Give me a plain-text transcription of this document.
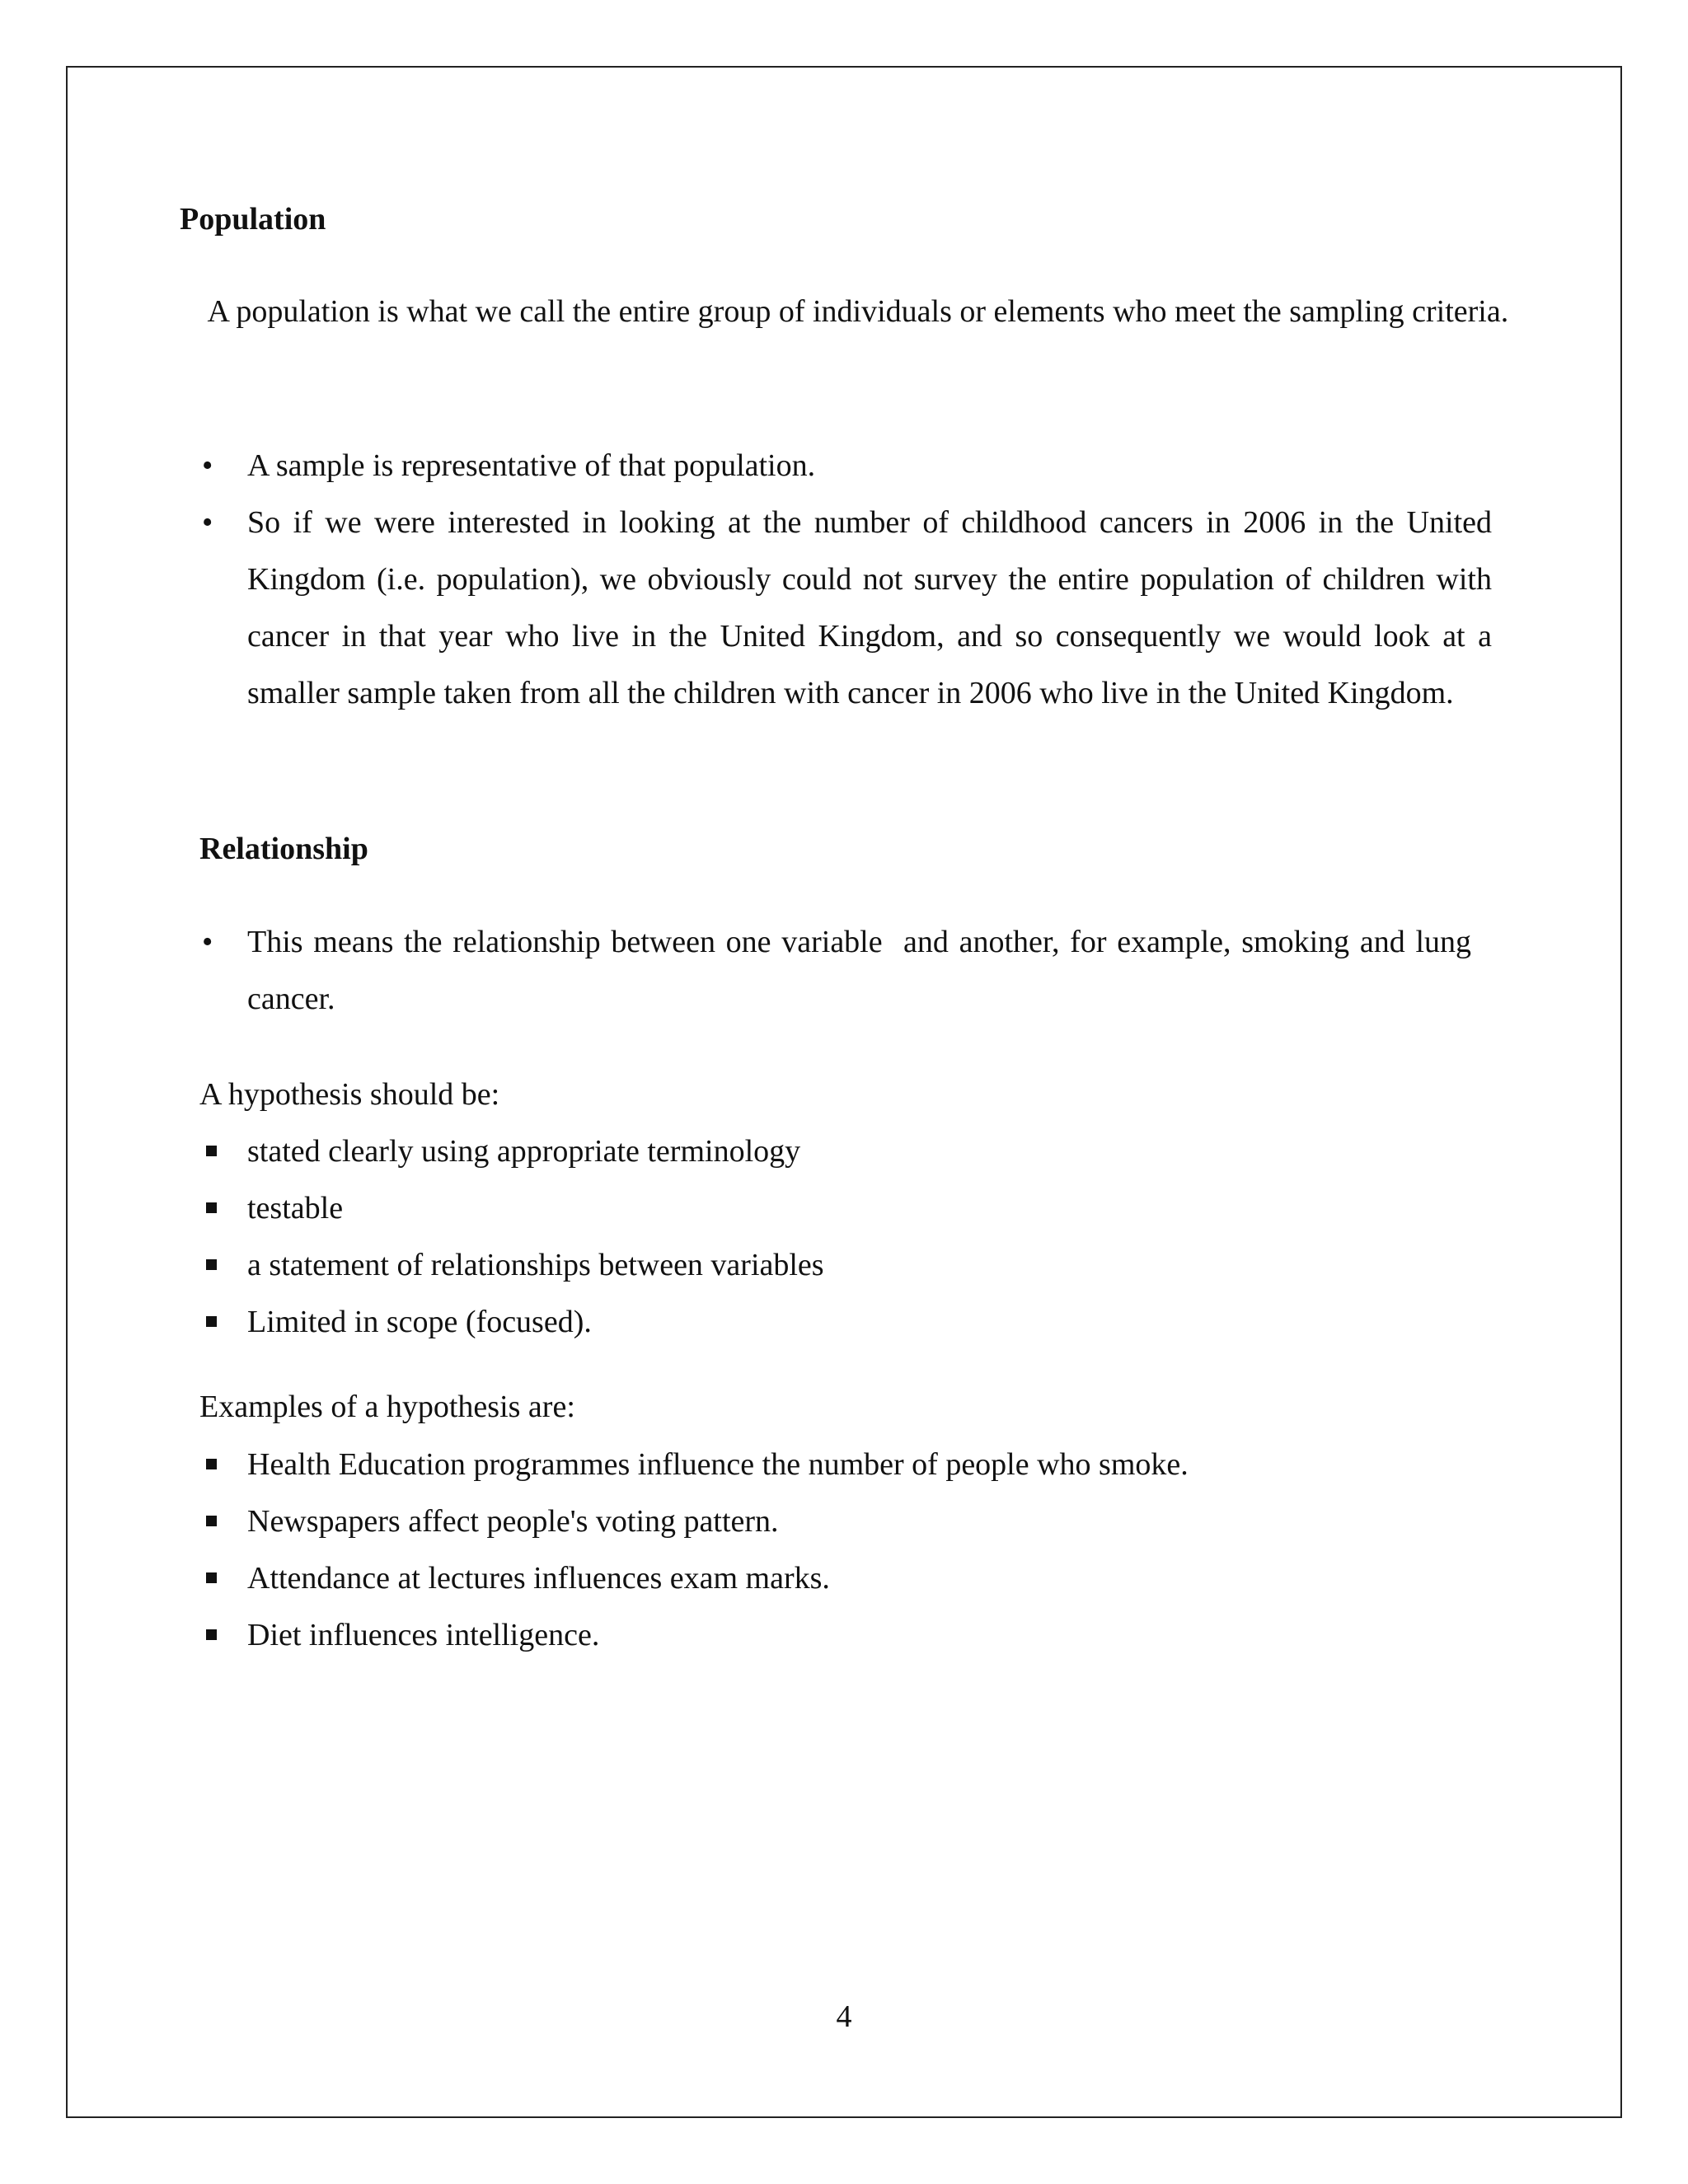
Population
A population is what we call the entire group of individuals or elements who meet the sampling criteria.
•	A sample is representative of that population.
•	So if we were interested in looking at the number of childhood cancers in 2006 in the United Kingdom (i.e. population), we obviously could not survey the entire population of children with cancer in that year who live in the United Kingdom, and so consequently we would look at a smaller sample taken from all the children with cancer in 2006 who live in the United Kingdom.
Relationship
•	This means the relationship between one variable  and another, for example, smoking and lung cancer.
A hypothesis should be:
stated clearly using appropriate terminology
testable
a statement of relationships between variables
Limited in scope (focused).
Examples of a hypothesis are:
Health Education programmes influence the number of people who smoke.
Newspapers affect people's voting pattern.
Attendance at lectures influences exam marks.
Diet influences intelligence.
4
